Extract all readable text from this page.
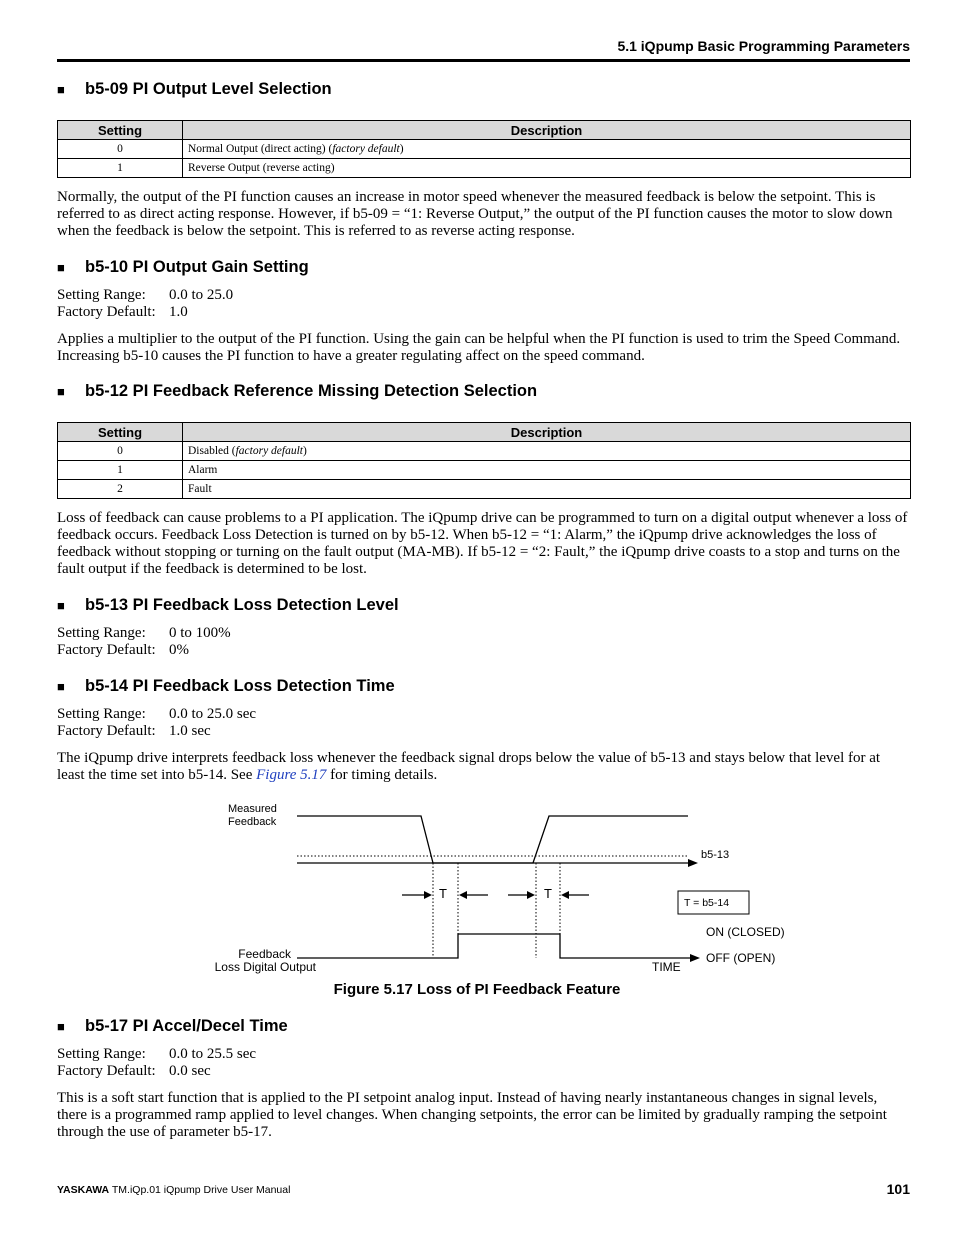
5.1 iQpump Basic Programming Parameters
■ b5-09 PI Output Level Selection
Setting	Description
0	Normal Output (direct acting) (factory default)
1	Reverse Output (reverse acting)
Normally, the output of the PI function causes an increase in motor speed whenever the measured feedback is below the setpoint. This is referred to as direct acting response. However, if b5-09 = “1: Reverse Output,” the output of the PI function causes the motor to slow down when the feedback is below the setpoint. This is referred to as reverse acting response.
■ b5-10 PI Output Gain Setting
Setting Range: 0.0 to 25.0
Factory Default: 1.0
Applies a multiplier to the output of the PI function. Using the gain can be helpful when the PI function is used to trim the Speed Command. Increasing b5-10 causes the PI function to have a greater regulating affect on the speed command.
■ b5-12 PI Feedback Reference Missing Detection Selection
Setting	Description
0	Disabled (factory default)
1	Alarm
2	Fault
Loss of feedback can cause problems to a PI application. The iQpump drive can be programmed to turn on a digital output whenever a loss of feedback occurs. Feedback Loss Detection is turned on by b5-12. When b5-12 = “1: Alarm,” the iQpump drive acknowledges the loss of feedback without stopping or turning on the fault output (MA-MB). If b5-12 = “2: Fault,” the iQpump drive coasts to a stop and turns on the fault output if the feedback is determined to be lost.
■ b5-13 PI Feedback Loss Detection Level
Setting Range: 0 to 100%
Factory Default: 0%
■ b5-14 PI Feedback Loss Detection Time
Setting Range: 0.0 to 25.0 sec
Factory Default: 1.0 sec
The iQpump drive interprets feedback loss whenever the feedback signal drops below the value of b5-13 and stays below that level for at least the time set into b5-14. See Figure 5.17 for timing details.
Measured
Feedback
b5-13
T	T
T = b5-14
ON (CLOSED)
OFF (OPEN)
Feedback
Loss Digital Output	TIME
Figure 5.17 Loss of PI Feedback Feature
■ b5-17 PI Accel/Decel Time
Setting Range: 0.0 to 25.5 sec
Factory Default: 0.0 sec
This is a soft start function that is applied to the PI setpoint analog input. Instead of having nearly instantaneous changes in signal levels, there is a programmed ramp applied to level changes. When changing setpoints, the error can be limited by gradually ramping the setpoint through the use of parameter b5-17.
YASKAWA TM.iQp.01 iQpump Drive User Manual	101
